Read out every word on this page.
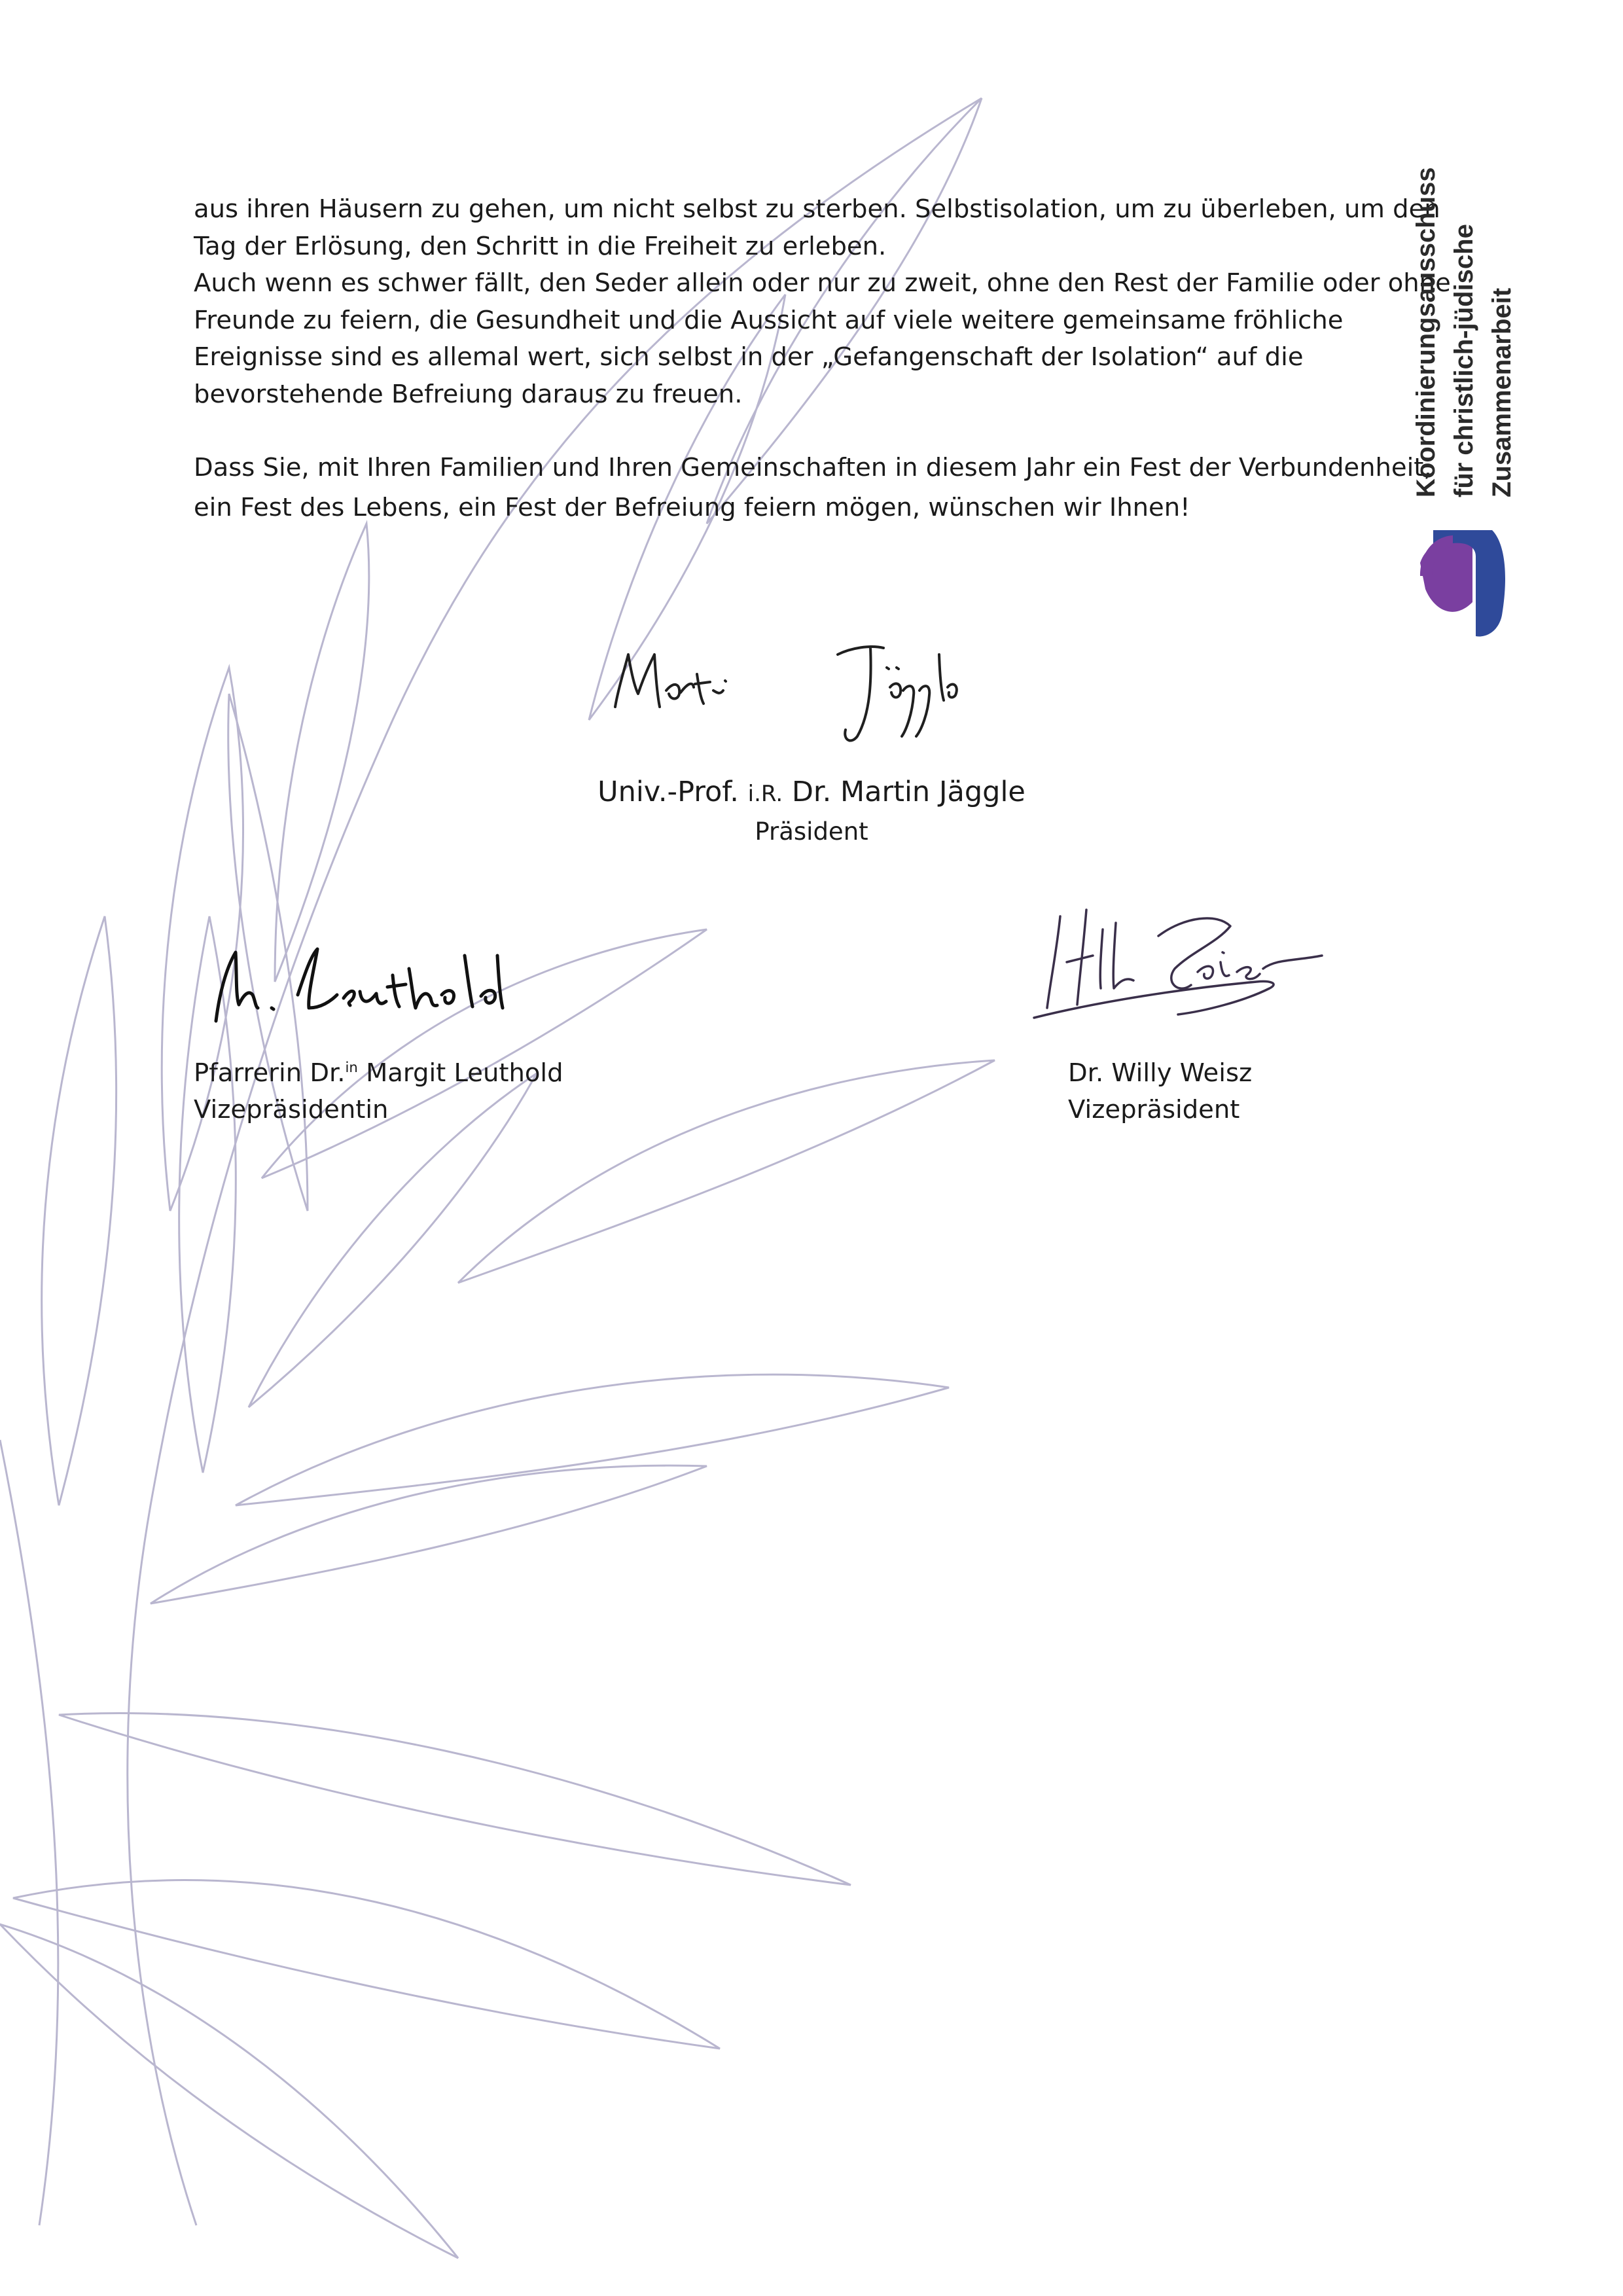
aus ihren Häusern zu gehen, um nicht selbst zu sterben. Selbstisolation, um zu überleben, um den

Tag der Erlösung, den Schritt in die Freiheit zu erleben.

Auch wenn es schwer fällt, den Seder allein oder nur zu zweit, ohne den Rest der Familie oder ohne

Freunde zu feiern, die Gesundheit und die Aussicht auf viele weitere gemeinsame fröhliche

Ereignisse sind es allemal wert, sich selbst in der „Gefangenschaft der Isolation“ auf die

bevorstehende Befreiung daraus zu freuen.

Dass Sie, mit Ihren Familien und Ihren Gemeinschaften in diesem Jahr ein Fest der Verbundenheit,

ein Fest des Lebens, ein Fest der Befreiung feiern mögen, wünschen wir Ihnen!

Koordinierungsausschuss für christlich-jüdische Zusammenarbeit
Univ.-Prof. i.R. Dr. Martin Jäggle
Präsident
Pfarrerin Dr.$^{in}$ Margit Leuthold
Vizepräsidentin
Dr. Willy Weisz
Vizepräsident
